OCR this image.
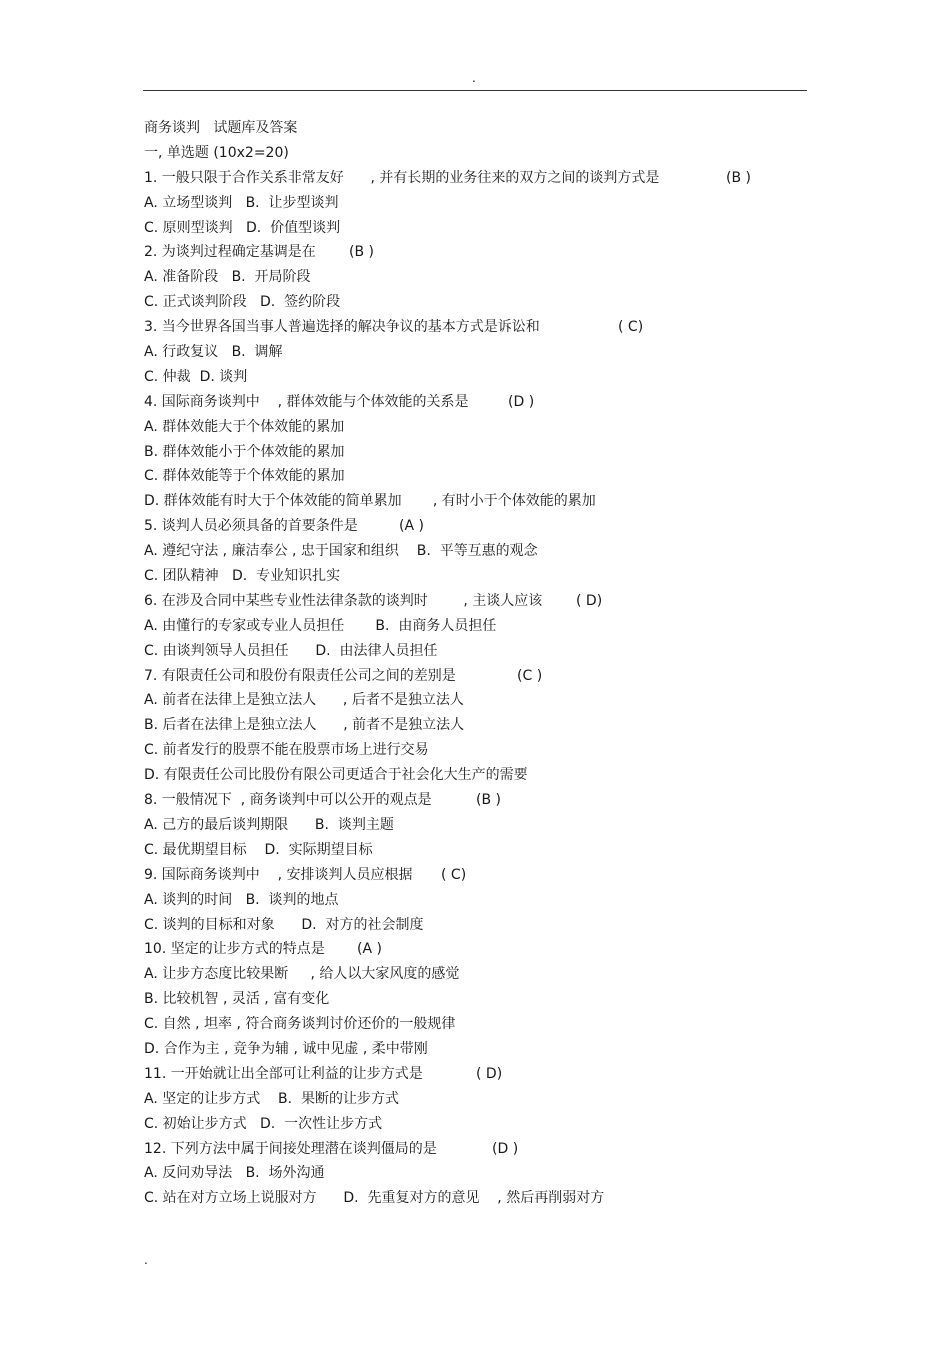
.
商务谈判   试题库及答案
一, 单选题 (10x2=20)
1. 一般只限于合作关系非常友好      , 并有长期的业务往来的双方之间的谈判方式是	(B )
A. 立场型谈判   B.  让步型谈判
C. 原则型谈判   D.  价值型谈判
2. 为谈判过程确定基调是在 (B )
A. 准备阶段   B.  开局阶段
C. 正式谈判阶段   D.  签约阶段
3. 当今世界各国当事人普遍选择的解决争议的基本方式是诉讼和	( C)
A. 行政复议   B.  调解
C. 仲裁  D. 谈判
4. 国际商务谈判中    , 群体效能与个体效能的关系是	(D )
A. 群体效能大于个体效能的累加
B. 群体效能小于个体效能的累加
C. 群体效能等于个体效能的累加
D. 群体效能有时大于个体效能的简单累加       , 有时小于个体效能的累加
5. 谈判人员必须具备的首要条件是	(A )
A. 遵纪守法 , 廉洁奉公 , 忠于国家和组织    B.  平等互惠的观念
C. 团队精神   D.  专业知识扎实
6. 在涉及合同中某些专业性法律条款的谈判时        , 主谈人应该 ( D)
A. 由懂行的专家或专业人员担任       B.  由商务人员担任
C. 由谈判领导人员担任      D.  由法律人员担任
7. 有限责任公司和股份有限责任公司之间的差别是	(C )
A. 前者在法律上是独立法人      , 后者不是独立法人
B. 后者在法律上是独立法人      , 前者不是独立法人
C. 前者发行的股票不能在股票市场上进行交易
D. 有限责任公司比股份有限公司更适合于社会化大生产的需要
8. 一般情况下  , 商务谈判中可以公开的观点是	(B )
A. 己方的最后谈判期限      B.  谈判主题
C. 最优期望目标    D.  实际期望目标
9. 国际商务谈判中    , 安排谈判人员应根据 ( C)
A. 谈判的时间   B.  谈判的地点
C. 谈判的目标和对象      D.  对方的社会制度
10. 坚定的让步方式的特点是 (A )
A. 让步方态度比较果断     , 给人以大家风度的感觉
B. 比较机智 , 灵活 , 富有变化
C. 自然 , 坦率 , 符合商务谈判讨价还价的一般规律
D. 合作为主 , 竞争为辅 , 诚中见虚 , 柔中带刚
11. 一开始就让出全部可让利益的让步方式是	( D)
A. 坚定的让步方式    B.  果断的让步方式
C. 初始让步方式   D.  一次性让步方式
12. 下列方法中属于间接处理潜在谈判僵局的是	(D )
A. 反问劝导法   B.  场外沟通
C. 站在对方立场上说服对方      D.  先重复对方的意见    , 然后再削弱对方
.
